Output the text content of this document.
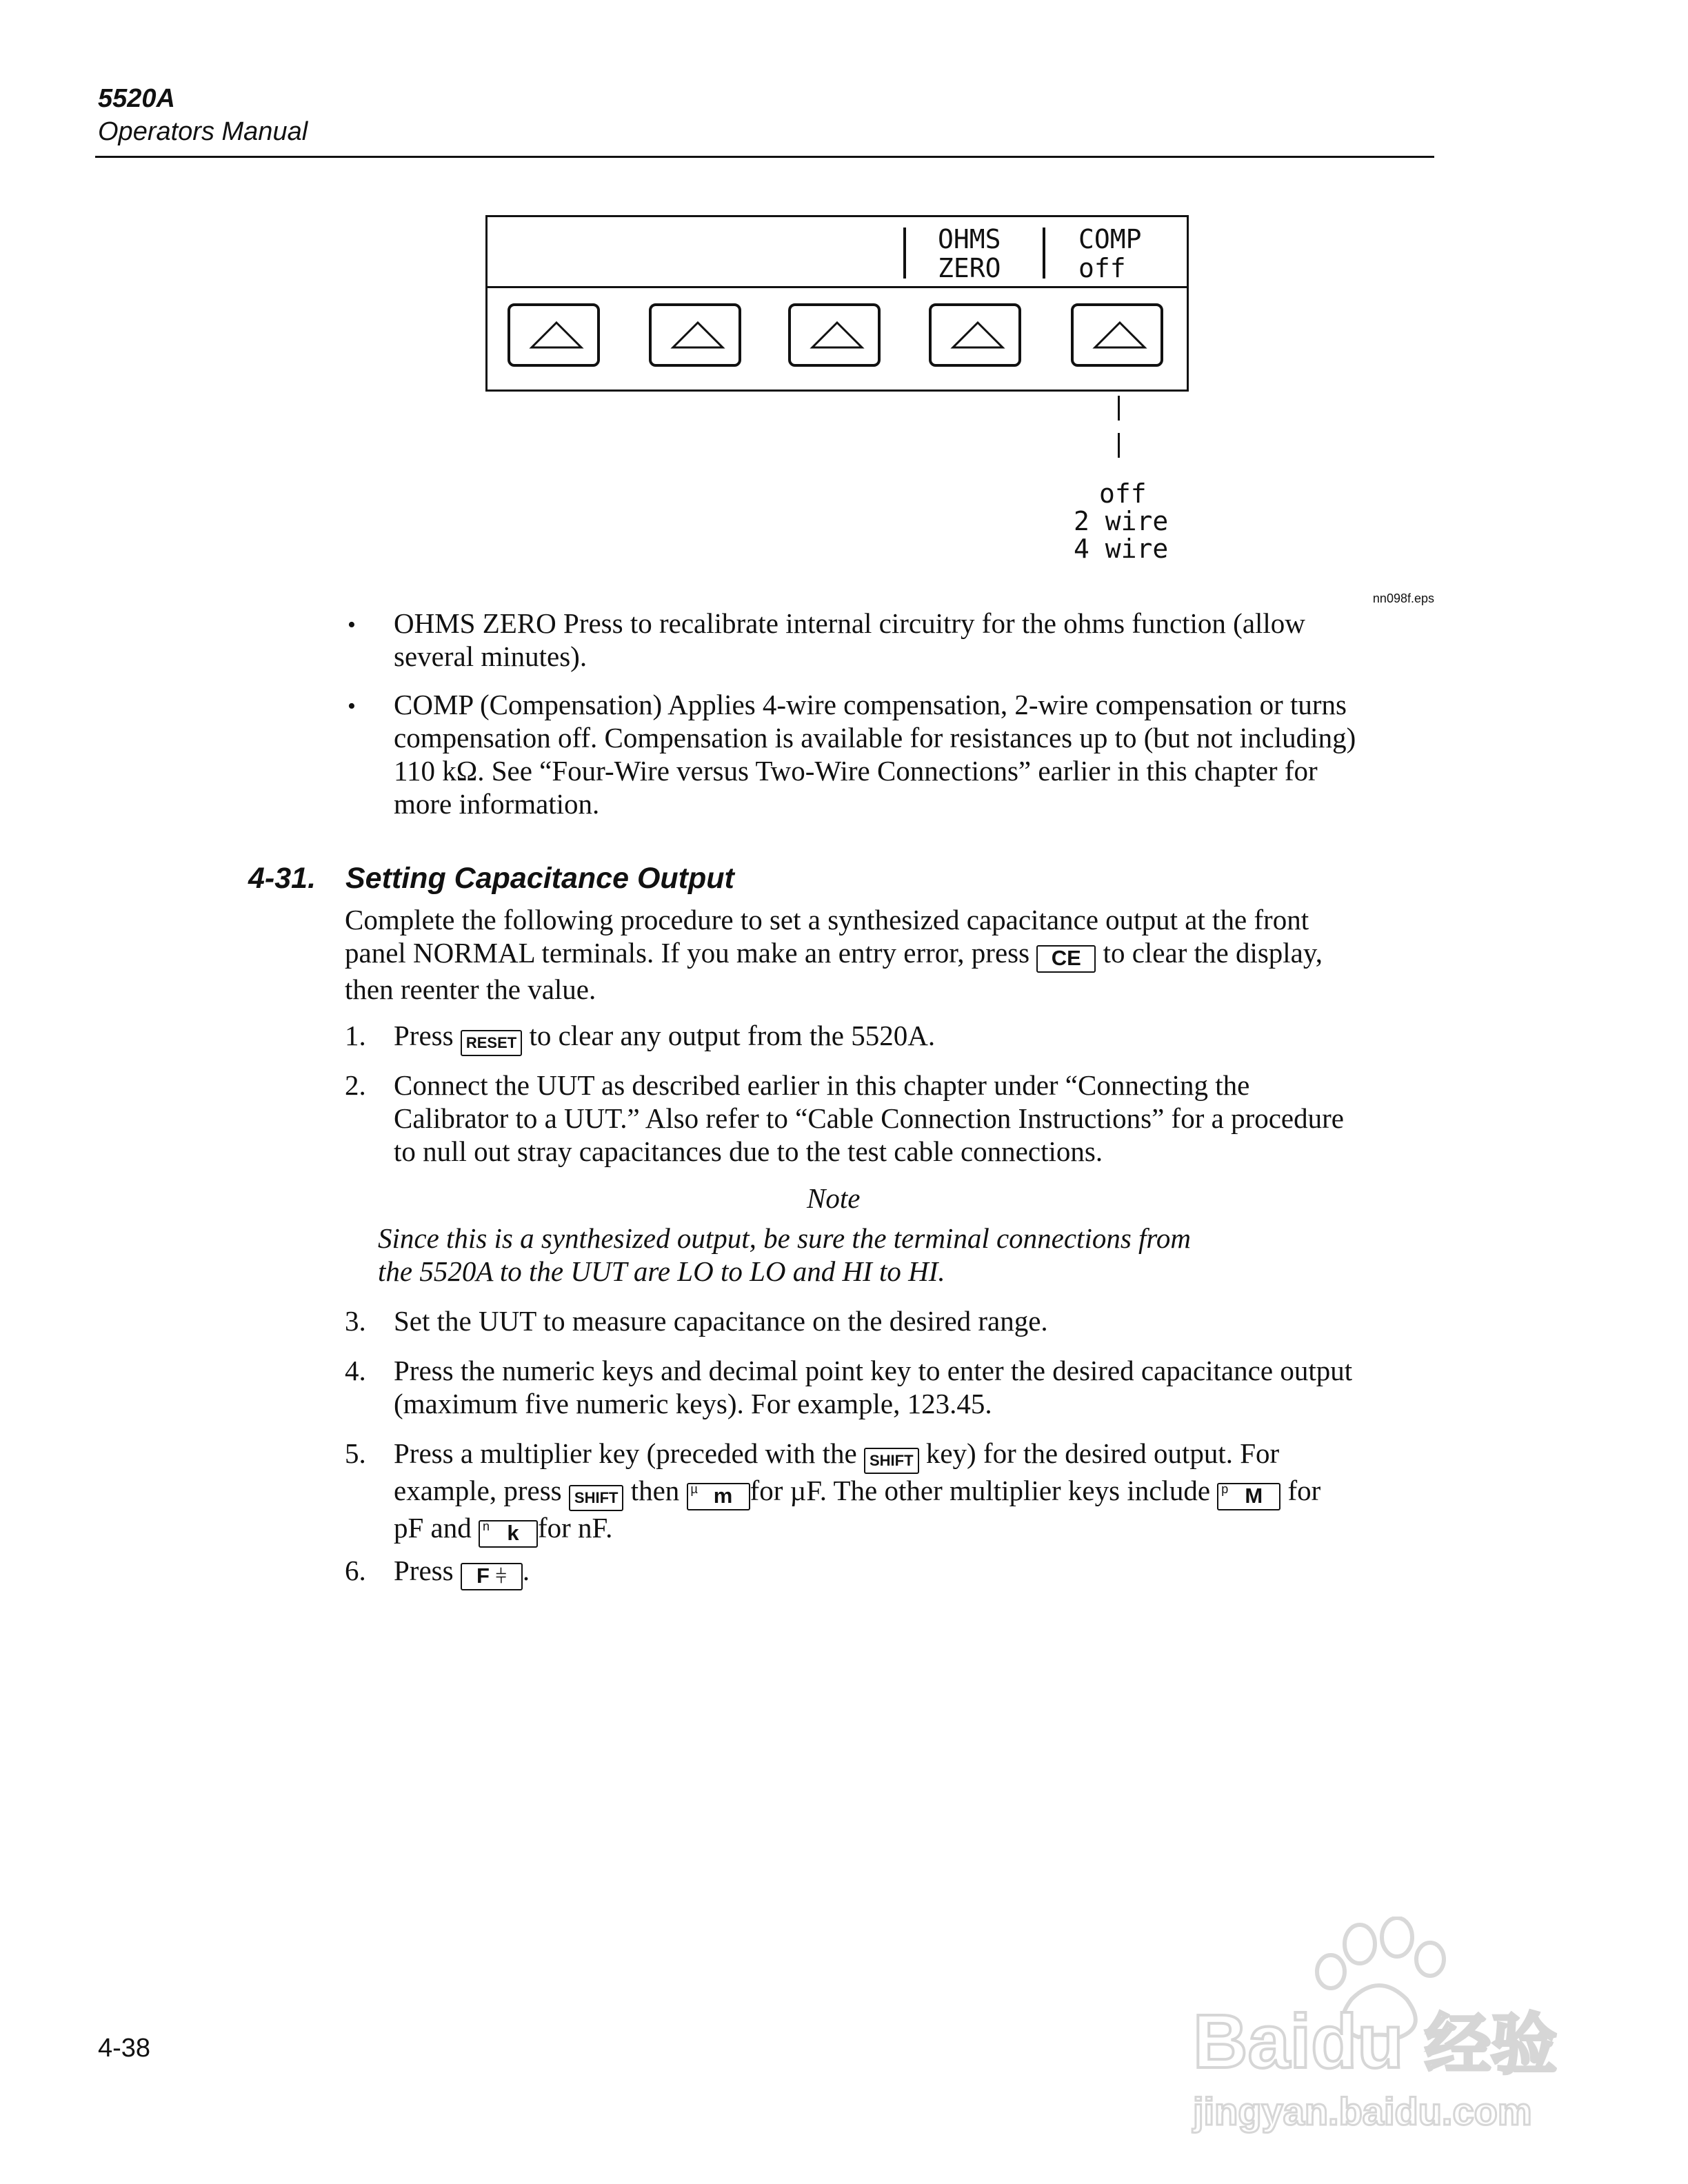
5520A
Operators Manual
OHMS
ZERO
COMP
off
off
2 wire
4 wire
nn098f.eps
• OHMS ZERO Press to recalibrate internal circuitry for the ohms function (allow
several minutes).
• COMP (Compensation) Applies 4-wire compensation, 2-wire compensation or turns
compensation off. Compensation is available for resistances up to (but not including)
110 kΩ. See “Four-Wire versus Two-Wire Connections” earlier in this chapter for
more information.
4-31. Setting Capacitance Output
Complete the following procedure to set a synthesized capacitance output at the front
panel NORMAL terminals. If you make an entry error, press CE to clear the display,
then reenter the value.
1. Press RESET to clear any output from the 5520A.
2. Connect the UUT as described earlier in this chapter under “Connecting the
Calibrator to a UUT.” Also refer to “Cable Connection Instructions” for a procedure
to null out stray capacitances due to the test cable connections.
Note
Since this is a synthesized output, be sure the terminal connections from
the 5520A to the UUT are LO to LO and HI to HI.
3. Set the UUT to measure capacitance on the desired range.
4. Press the numeric keys and decimal point key to enter the desired capacitance output
(maximum five numeric keys). For example, 123.45.
5. Press a multiplier key (preceded with the SHIFT key) for the desired output. For
example, press SHIFT then µ m for µF. The other multiplier keys include p M for
pF and n k for nF.
6. Press F ⫩ .
4-38	Baidu 经验
jingyan.baidu.com
